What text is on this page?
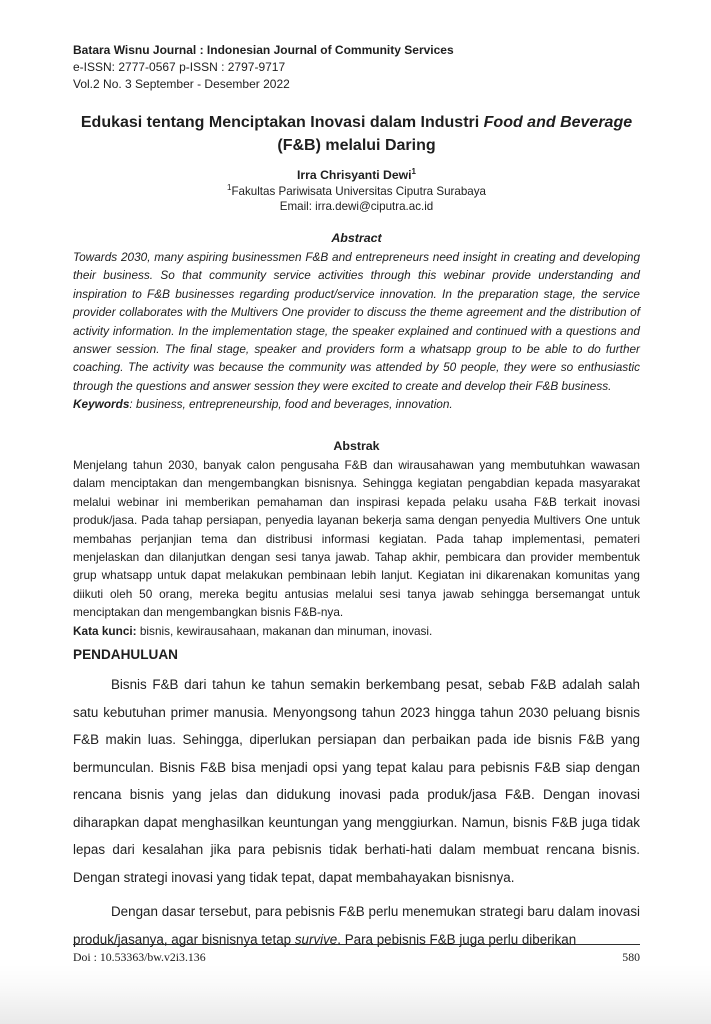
Batara Wisnu Journal : Indonesian Journal of Community Services
e-ISSN: 2777-0567 p-ISSN : 2797-9717
Vol.2 No. 3 September - Desember 2022
Edukasi tentang Menciptakan Inovasi dalam Industri Food and Beverage
(F&B) melalui Daring
Irra Chrisyanti Dewi$^1$
$^1$Fakultas Pariwisata Universitas Ciputra Surabaya
Email: irra.dewi@ciputra.ac.id
Abstract
Towards 2030, many aspiring businessmen F&B and entrepreneurs need insight in creating and developing their business. So that community service activities through this webinar provide understanding and inspiration to F&B businesses regarding product/service innovation. In the preparation stage, the service provider collaborates with the Multivers One provider to discuss the theme agreement and the distribution of activity information. In the implementation stage, the speaker explained and continued with a questions and answer session. The final stage, speaker and providers form a whatsapp group to be able to do further coaching. The activity was because the community was attended by 50 people, they were so enthusiastic through the questions and answer session they were excited to create and develop their F&B business.
Keywords: business, entrepreneurship, food and beverages, innovation.
Abstrak
Menjelang tahun 2030, banyak calon pengusaha F&B dan wirausahawan yang membutuhkan wawasan dalam menciptakan dan mengembangkan bisnisnya. Sehingga kegiatan pengabdian kepada masyarakat melalui webinar ini memberikan pemahaman dan inspirasi kepada pelaku usaha F&B terkait inovasi produk/jasa. Pada tahap persiapan, penyedia layanan bekerja sama dengan penyedia Multivers One untuk membahas perjanjian tema dan distribusi informasi kegiatan. Pada tahap implementasi, pemateri menjelaskan dan dilanjutkan dengan sesi tanya jawab. Tahap akhir, pembicara dan provider membentuk grup whatsapp untuk dapat melakukan pembinaan lebih lanjut. Kegiatan ini dikarenakan komunitas yang diikuti oleh 50 orang, mereka begitu antusias melalui sesi tanya jawab sehingga bersemangat untuk menciptakan dan mengembangkan bisnis F&B-nya.
Kata kunci: bisnis, kewirausahaan, makanan dan minuman, inovasi.
PENDAHULUAN

Bisnis F&B dari tahun ke tahun semakin berkembang pesat, sebab F&B adalah salah satu kebutuhan primer manusia. Menyongsong tahun 2023 hingga tahun 2030 peluang bisnis F&B makin luas. Sehingga, diperlukan persiapan dan perbaikan pada ide bisnis F&B yang bermunculan. Bisnis F&B bisa menjadi opsi yang tepat kalau para pebisnis F&B siap dengan rencana bisnis yang jelas dan didukung inovasi pada produk/jasa F&B. Dengan inovasi diharapkan dapat menghasilkan keuntungan yang menggiurkan. Namun, bisnis F&B juga tidak lepas dari kesalahan jika para pebisnis tidak berhati-hati dalam membuat rencana bisnis. Dengan strategi inovasi yang tidak tepat, dapat membahayakan bisnisnya.

Dengan dasar tersebut, para pebisnis F&B perlu menemukan strategi baru dalam inovasi produk/jasanya, agar bisnisnya tetap survive. Para pebisnis F&B juga perlu diberikan

Doi : 10.53363/bw.v2i3.136	580
